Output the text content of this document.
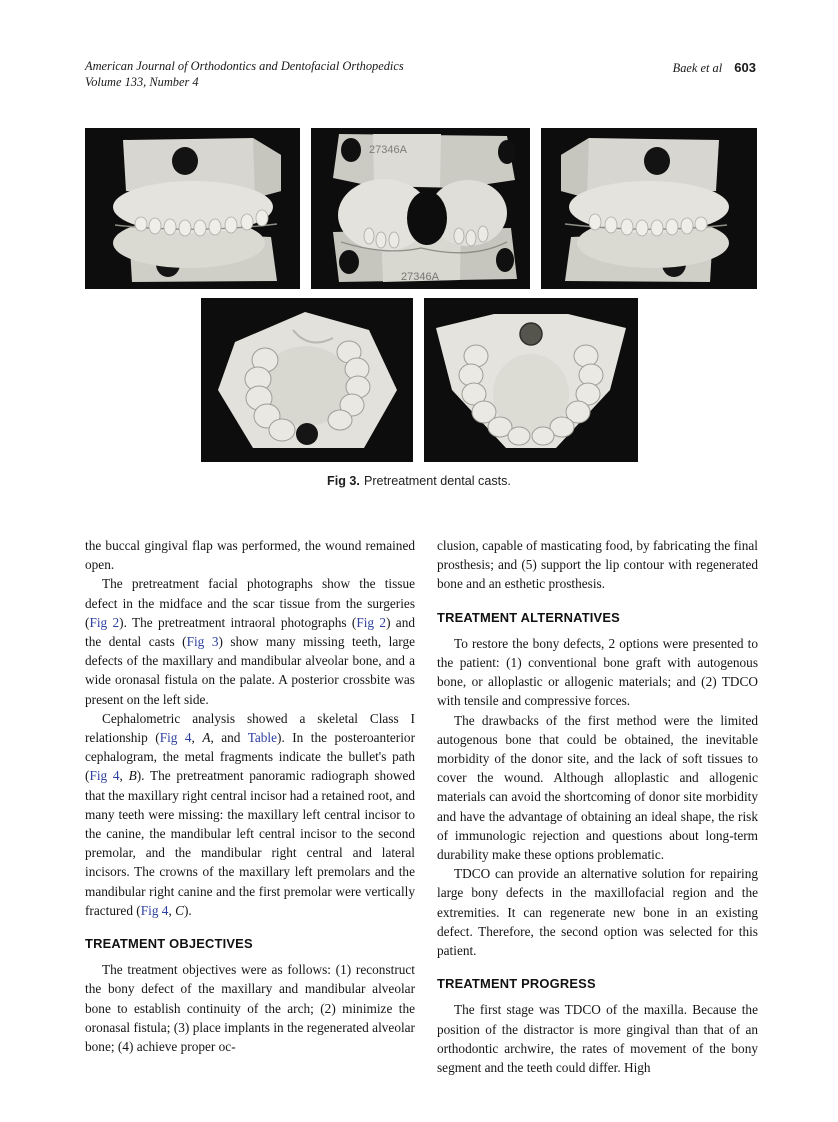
American Journal of Orthodontics and Dentofacial Orthopedics
Volume 133, Number 4
Baek et al 603
27346A
27346A
Fig 3. Pretreatment dental casts.

the buccal gingival flap was performed, the wound remained open.

The pretreatment facial photographs show the tissue defect in the midface and the scar tissue from the surgeries (Fig 2). The pretreatment intraoral photographs (Fig 2) and the dental casts (Fig 3) show many missing teeth, large defects of the maxillary and mandibular alveolar bone, and a wide oronasal fistula on the palate. A posterior crossbite was present on the left side.

Cephalometric analysis showed a skeletal Class I relationship (Fig 4, A, and Table). In the posteroanterior cephalogram, the metal fragments indicate the bullet's path (Fig 4, B). The pretreatment panoramic radiograph showed that the maxillary right central incisor had a retained root, and many teeth were missing: the maxillary left central incisor to the canine, the mandibular left central incisor to the second premolar, and the mandibular right central and lateral incisors. The crowns of the maxillary left premolars and the mandibular right canine and the first premolar were vertically fractured (Fig 4, C).

TREATMENT OBJECTIVES

The treatment objectives were as follows: (1) reconstruct the bony defect of the maxillary and mandibular alveolar bone to establish continuity of the arch; (2) minimize the oronasal fistula; (3) place implants in the regenerated alveolar bone; (4) achieve proper oc-

clusion, capable of masticating food, by fabricating the final prosthesis; and (5) support the lip contour with regenerated bone and an esthetic prosthesis.

TREATMENT ALTERNATIVES

To restore the bony defects, 2 options were presented to the patient: (1) conventional bone graft with autogenous bone, or alloplastic or allogenic materials; and (2) TDCO with tensile and compressive forces.

The drawbacks of the first method were the limited autogenous bone that could be obtained, the inevitable morbidity of the donor site, and the lack of soft tissues to cover the wound. Although alloplastic and allogenic materials can avoid the shortcoming of donor site morbidity and have the advantage of obtaining an ideal shape, the risk of immunologic rejection and questions about long-term durability make these options problematic.

TDCO can provide an alternative solution for repairing large bony defects in the maxillofacial region and the extremities. It can regenerate new bone in an existing defect. Therefore, the second option was selected for this patient.

TREATMENT PROGRESS

The first stage was TDCO of the maxilla. Because the position of the distractor is more gingival than that of an orthodontic archwire, the rates of movement of the bony segment and the teeth could differ. High
